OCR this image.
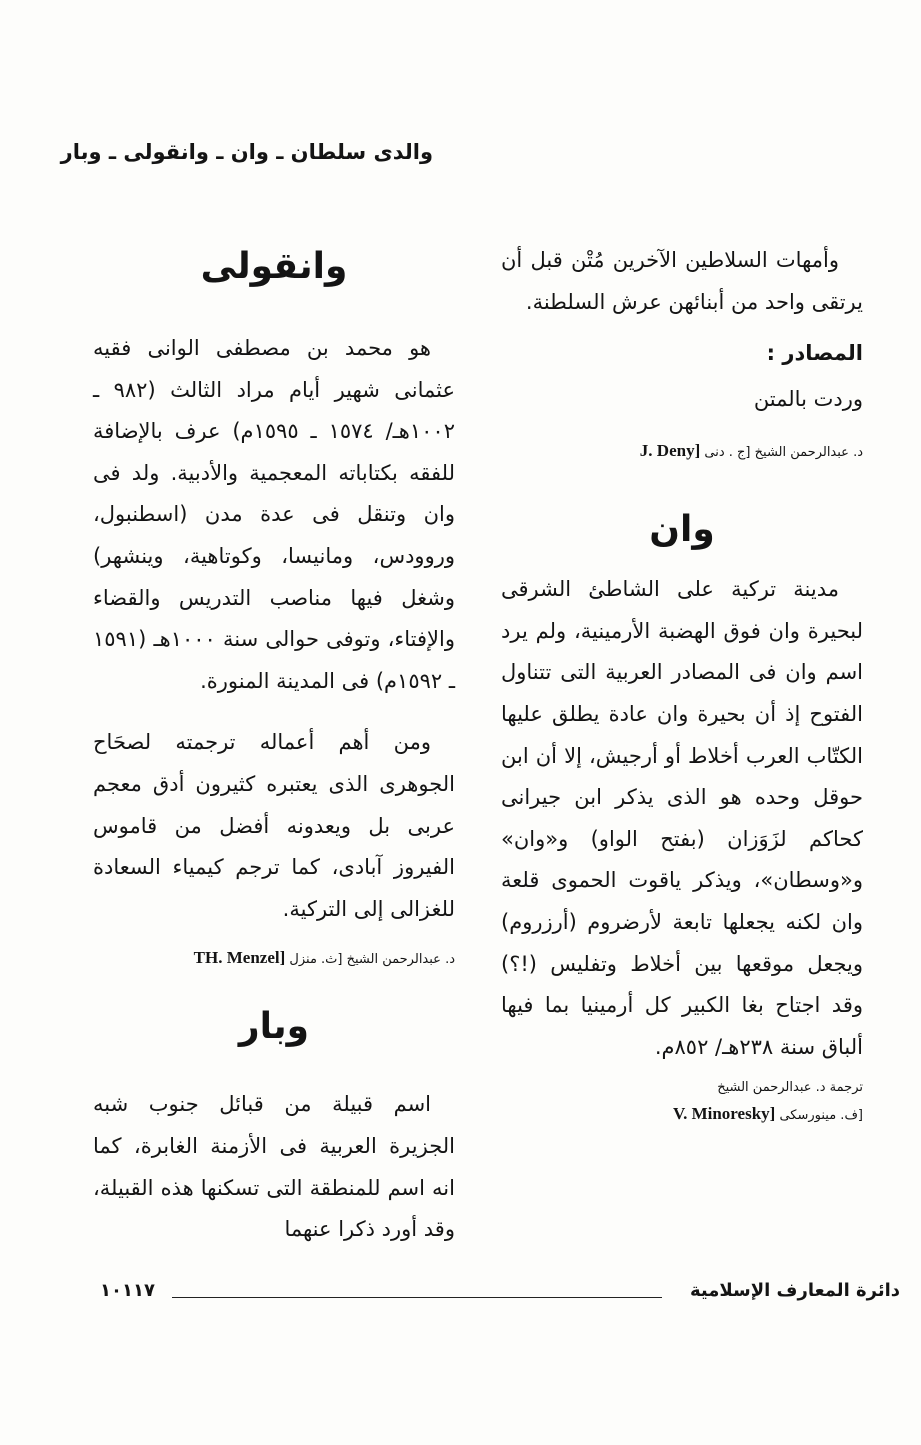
والدى سلطان ـ وان ـ وانقولى ـ وبار

وأمهات السلاطين الآخرين مُتْن قبل أن يرتقى واحد من أبنائهن عرش السلطنة.

المصادر :
وردت بالمتن
د. عبدالرحمن الشيخ [ج . دنى J. Deny]
وان

مدينة تركية على الشاطئ الشرقى لبحيرة وان فوق الهضبة الأرمينية، ولم يرد اسم وان فى المصادر العربية التى تتناول الفتوح إذ أن بحيرة وان عادة يطلق عليها الكتّاب العرب أخلاط أو أرجيش، إلا أن ابن حوقل وحده هو الذى يذكر ابن جيرانى كحاكم لزَوَزان (بفتح الواو) و«وان» و«وسطان»، ويذكر ياقوت الحموى قلعة وان لكنه يجعلها تابعة لأرضروم (أرزروم) ويجعل موقعها بين أخلاط وتفليس (!؟) وقد اجتاح بغا الكبير كل أرمينيا بما فيها ألباق سنة ٢٣٨هـ/ ٨٥٢م.

ترجمة د. عبدالرحمن الشيخ
[ف. مينورسكى V. Minoresky]
وانقولى

هو محمد بن مصطفى الوانى فقيه عثمانى شهير أيام مراد الثالث (٩٨٢ ـ ١٠٠٢هـ/ ١٥٧٤ ـ ١٥٩٥م) عرف بالإضافة للفقه بكتاباته المعجمية والأدبية. ولد فى وان وتنقل فى عدة مدن (اسطنبول، وروودس، ومانيسا، وكوتاهية، وينشهر) وشغل فيها مناصب التدريس والقضاء والإفتاء، وتوفى حوالى سنة ١٠٠٠هـ (١٥٩١ ـ ١٥٩٢م) فى المدينة المنورة.

ومن أهم أعماله ترجمته لصحَاح الجوهرى الذى يعتبره كثيرون أدق معجم عربى بل ويعدونه أفضل من قاموس الفيروز آبادى، كما ترجم كيمياء السعادة للغزالى إلى التركية.

د. عبدالرحمن الشيخ [ث. منزل TH. Menzel]
وبار

اسم قبيلة من قبائل جنوب شبه الجزيرة العربية فى الأزمنة الغابرة، كما انه اسم للمنطقة التى تسكنها هذه القبيلة، وقد أورد ذكرا عنهما

دائرة المعارف الإسلامية
١٠١١٧
